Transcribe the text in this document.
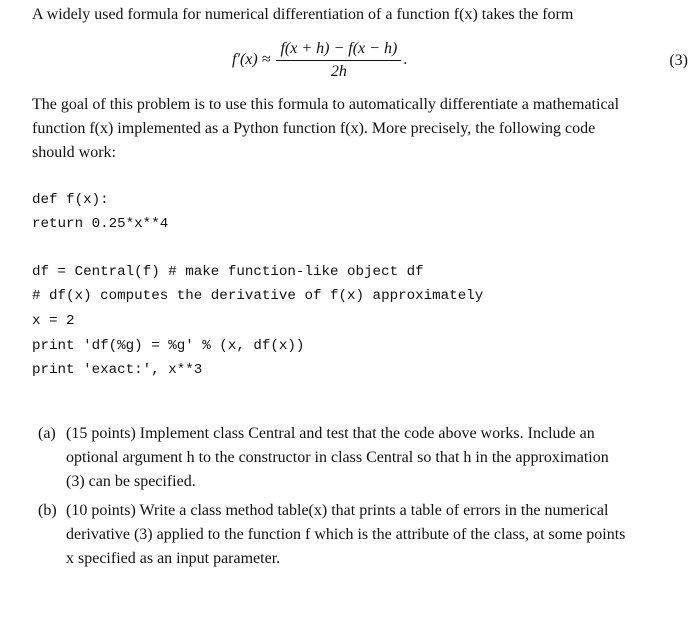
A widely used formula for numerical differentiation of a function f(x) takes the form
$f'(x) \approx \frac{f(x + h) - f(x - h)}{2h}$ .	(3)
The goal of this problem is to use this formula to automatically differentiate a mathematical
function f(x) implemented as a Python function f(x). More precisely, the following code
should work:
def f(x):
return 0.25*x**4
df = Central(f) # make function-like object df
# df(x) computes the derivative of f(x) approximately
x = 2
print 'df(%g) = %g' % (x, df(x))
print 'exact:', x**3
(a) (15 points) Implement class Central and test that the code above works. Include an
optional argument h to the constructor in class Central so that h in the approximation
(3) can be specified.
(b) (10 points) Write a class method table(x) that prints a table of errors in the numerical
derivative (3) applied to the function f which is the attribute of the class, at some points
x specified as an input parameter.
